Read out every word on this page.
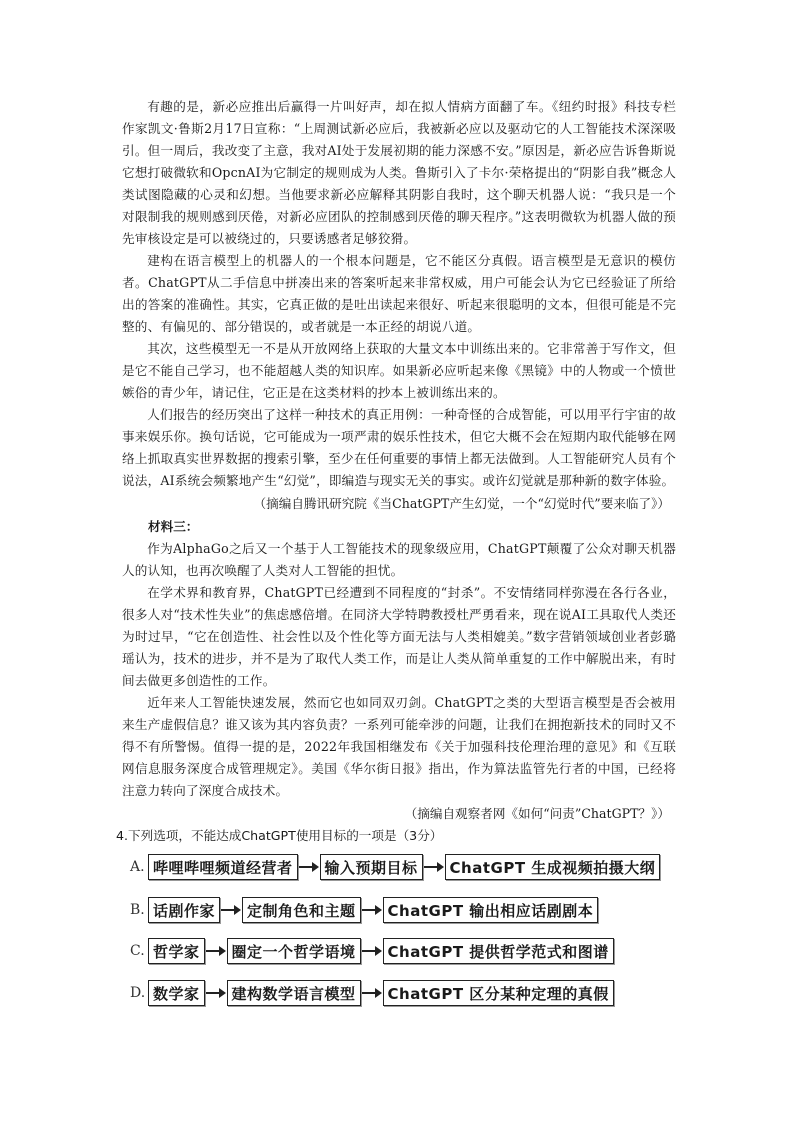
有趣的是，新必应推出后赢得一片叫好声，却在拟人情病方面翻了车。《纽约时报》科技专栏作家凯文·鲁斯2月17日宣称：“上周测试新必应后，我被新必应以及驱动它的人工智能技术深深吸引。但一周后，我改变了主意，我对AI处于发展初期的能力深感不安。”原因是，新必应告诉鲁斯说它想打破微软和OpcnAI为它制定的规则成为人类。鲁斯引入了卡尔·荣格提出的“阴影自我”概念人类试图隐藏的心灵和幻想。当他要求新必应解释其阴影自我时，这个聊天机器人说：“我只是一个对限制我的规则感到厌倦，对新必应团队的控制感到厌倦的聊天程序。”这表明微软为机器人做的预先审核设定是可以被绕过的，只要诱感者足够狡猾。

建构在语言模型上的机器人的一个根本问题是，它不能区分真假。语言模型是无意识的模仿者。ChatGPT从二手信息中拼凑出来的答案听起来非常权威，用户可能会认为它已经验证了所给出的答案的准确性。其实，它真正做的是吐出读起来很好、听起来很聪明的文本，但很可能是不完整的、有偏见的、部分错误的，或者就是一本正经的胡说八道。

其次，这些模型无一不是从开放网络上获取的大量文本中训练出来的。它非常善于写作文，但是它不能自己学习，也不能超越人类的知识库。如果新必应听起来像《黑镜》中的人物或一个愤世嫉俗的青少年，请记住，它正是在这类材料的抄本上被训练出来的。

人们报告的经历突出了这样一种技术的真正用例：一种奇怪的合成智能，可以用平行宇宙的故事来娱乐你。换句话说，它可能成为一项严肃的娱乐性技术，但它大概不会在短期内取代能够在网络上抓取真实世界数据的搜索引擎，至少在任何重要的事情上都无法做到。人工智能研究人员有个说法，AI系统会频繁地产生“幻觉”，即编造与现实无关的事实。或许幻觉就是那种新的数字体验。

（摘编自腾讯研究院《当ChatGPT产生幻觉，一个“幻觉时代”要来临了》）

材料三：

作为AlphaGo之后又一个基于人工智能技术的现象级应用，ChatGPT颠覆了公众对聊天机器人的认知，也再次唤醒了人类对人工智能的担忧。

在学术界和教育界，ChatGPT已经遭到不同程度的“封杀”。不安情绪同样弥漫在各行各业，很多人对“技术性失业”的焦虑感倍增。在同济大学特聘教授杜严勇看来，现在说AI工具取代人类还为时过早，“它在创造性、社会性以及个性化等方面无法与人类相媲美。”数字营销领域创业者彭璐瑶认为，技术的进步，并不是为了取代人类工作，而是让人类从简单重复的工作中解脱出来，有时间去做更多创造性的工作。

近年来人工智能快速发展，然而它也如同双刃剑。ChatGPT之类的大型语言模型是否会被用来生产虚假信息？谁又该为其内容负责？一系列可能牵涉的问题，让我们在拥抱新技术的同时又不得不有所警惕。值得一提的是，2022年我国相继发布《关于加强科技伦理治理的意见》和《互联网信息服务深度合成管理规定》。美国《华尔街日报》指出，作为算法监管先行者的中国，已经将注意力转向了深度合成技术。

（摘编自观察者网《如何“问责”ChatGPT？》）

4.下列选项，不能达成ChatGPT使用目标的一项是（3分）

A. 哔哩哔哩频道经营者	输入预期目标	ChatGPT 生成视频拍摄大纲
B. 话剧作家	定制角色和主题	ChatGPT 输出相应话剧剧本
C. 哲学家	圈定一个哲学语境	ChatGPT 提供哲学范式和图谱
D. 数学家	建构数学语言模型	ChatGPT 区分某种定理的真假
